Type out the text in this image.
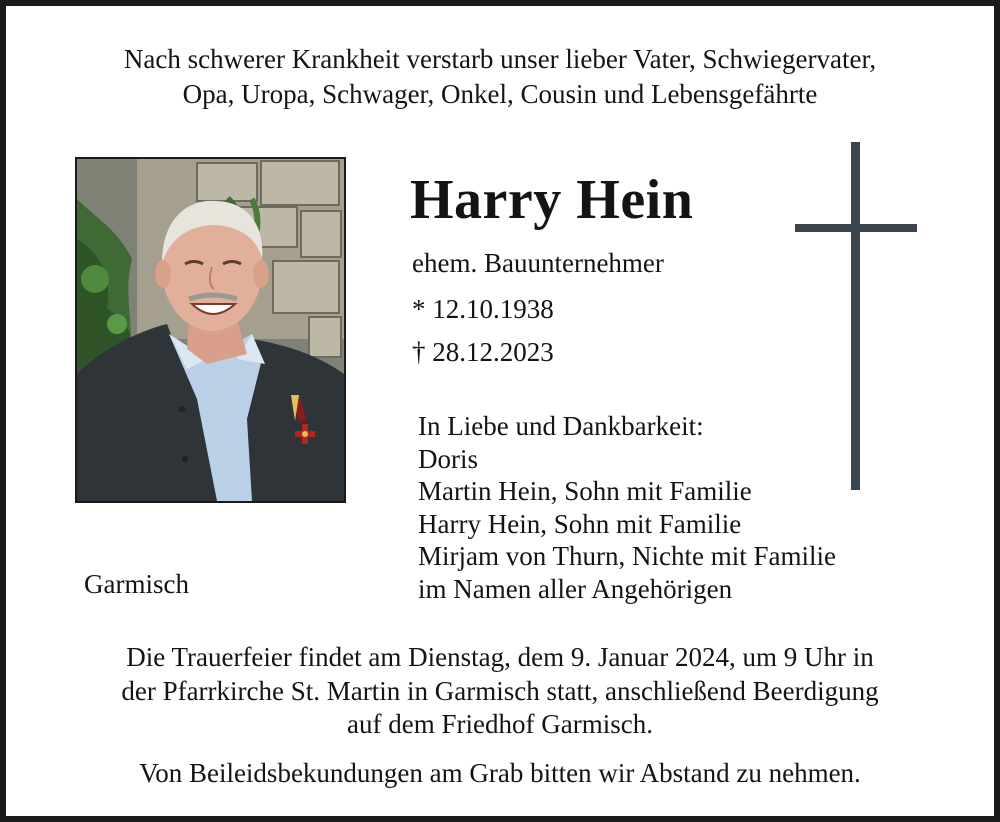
Nach schwerer Krankheit verstarb unser lieber Vater, Schwiegervater,
Opa, Uropa, Schwager, Onkel, Cousin und Lebensgefährte
Harry Hein
ehem. Bauunternehmer
* 12.10.1938
† 28.12.2023
In Liebe und Dankbarkeit:
Doris
Martin Hein, Sohn mit Familie
Harry Hein, Sohn mit Familie
Mirjam von Thurn, Nichte mit Familie
im Namen aller Angehörigen
Garmisch
Die Trauerfeier findet am Dienstag, dem 9. Januar 2024, um 9 Uhr in
der Pfarrkirche St. Martin in Garmisch statt, anschließend Beerdigung
auf dem Friedhof Garmisch.
Von Beileidsbekundungen am Grab bitten wir Abstand zu nehmen.
